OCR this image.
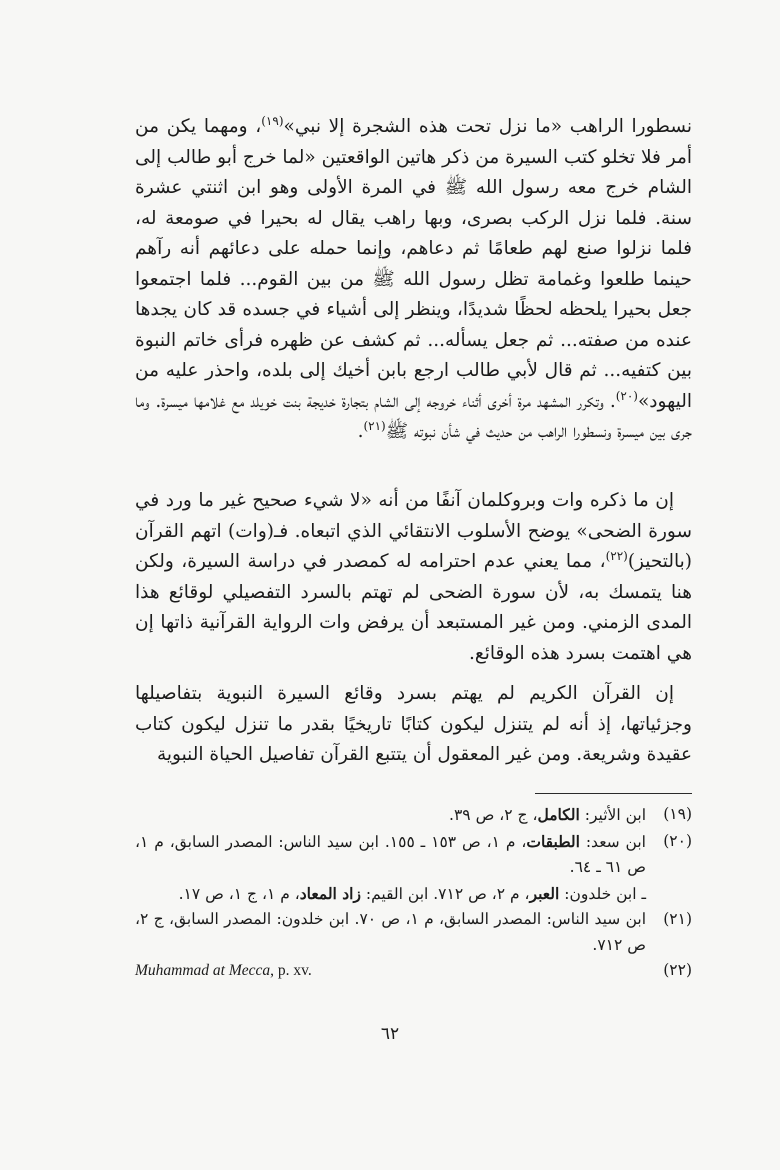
نسطورا الراهب «ما نزل تحت هذه الشجرة إلا نبي»$^{(١٩)}$، ومهما يكن من أمر فلا تخلو كتب السيرة من ذكر هاتين الواقعتين «لما خرج أبو طالب إلى الشام خرج معه رسول الله ﷺ في المرة الأولى وهو ابن اثنتي عشرة سنة. فلما نزل الركب بصرى، وبها راهب يقال له بحيرا في صومعة له، فلما نزلوا صنع لهم طعامًا ثم دعاهم، وإنما حمله على دعائهم أنه رآهم حينما طلعوا وغمامة تظل رسول الله ﷺ من بين القوم... فلما اجتمعوا جعل بحيرا يلحظه لحظًا شديدًا، وينظر إلى أشياء في جسده قد كان يجدها عنده من صفته... ثم جعل يسأله... ثم كشف عن ظهره فرأى خاتم النبوة بين كتفيه... ثم قال لأبي طالب ارجع بابن أخيك إلى بلده، واحذر عليه من اليهود»$^{(٢٠)}$. وتكرر المشهد مرة أخرى أثناء خروجه إلى الشام بتجارة خديجة بنت خويلد مع غلامها ميسرة. وما جرى بين ميسرة ونسطورا الراهب من حديث في شأن نبوته ﷺ$^{(٢١)}$.

إن ما ذكره وات وبروكلمان آنفًا من أنه «لا شيء صحيح غير ما ورد في سورة الضحى» يوضح الأسلوب الانتقائي الذي اتبعاه. فـ(وات) اتهم القرآن (بالتحيز)$^{(٢٢)}$، مما يعني عدم احترامه له كمصدر في دراسة السيرة، ولكن هنا يتمسك به، لأن سورة الضحى لم تهتم بالسرد التفصيلي لوقائع هذا المدى الزمني. ومن غير المستبعد أن يرفض وات الرواية القرآنية ذاتها إن هي اهتمت بسرد هذه الوقائع.

إن القرآن الكريم لم يهتم بسرد وقائع السيرة النبوية بتفاصيلها وجزئياتها، إذ أنه لم يتنزل ليكون كتابًا تاريخيًا بقدر ما تنزل ليكون كتاب عقيدة وشريعة. ومن غير المعقول أن يتتبع القرآن تفاصيل الحياة النبوية

(١٩)
ابن الأثير: الكامل، ج ٢، ص ٣٩.
(٢٠)
ابن سعد: الطبقات، م ١، ص ١٥٣ ـ ١٥٥. ابن سيد الناس: المصدر السابق، م ١، ص ٦١ ـ ٦٤.
ـ ابن خلدون: العبر، م ٢، ص ٧١٢. ابن القيم: زاد المعاد، م ١، ج ١، ص ١٧.
(٢١)
ابن سيد الناس: المصدر السابق، م ١، ص ٧٠. ابن خلدون: المصدر السابق، ج ٢، ص ٧١٢.
(٢٢)
Muhammad at Mecca, p. xv.
٦٢
